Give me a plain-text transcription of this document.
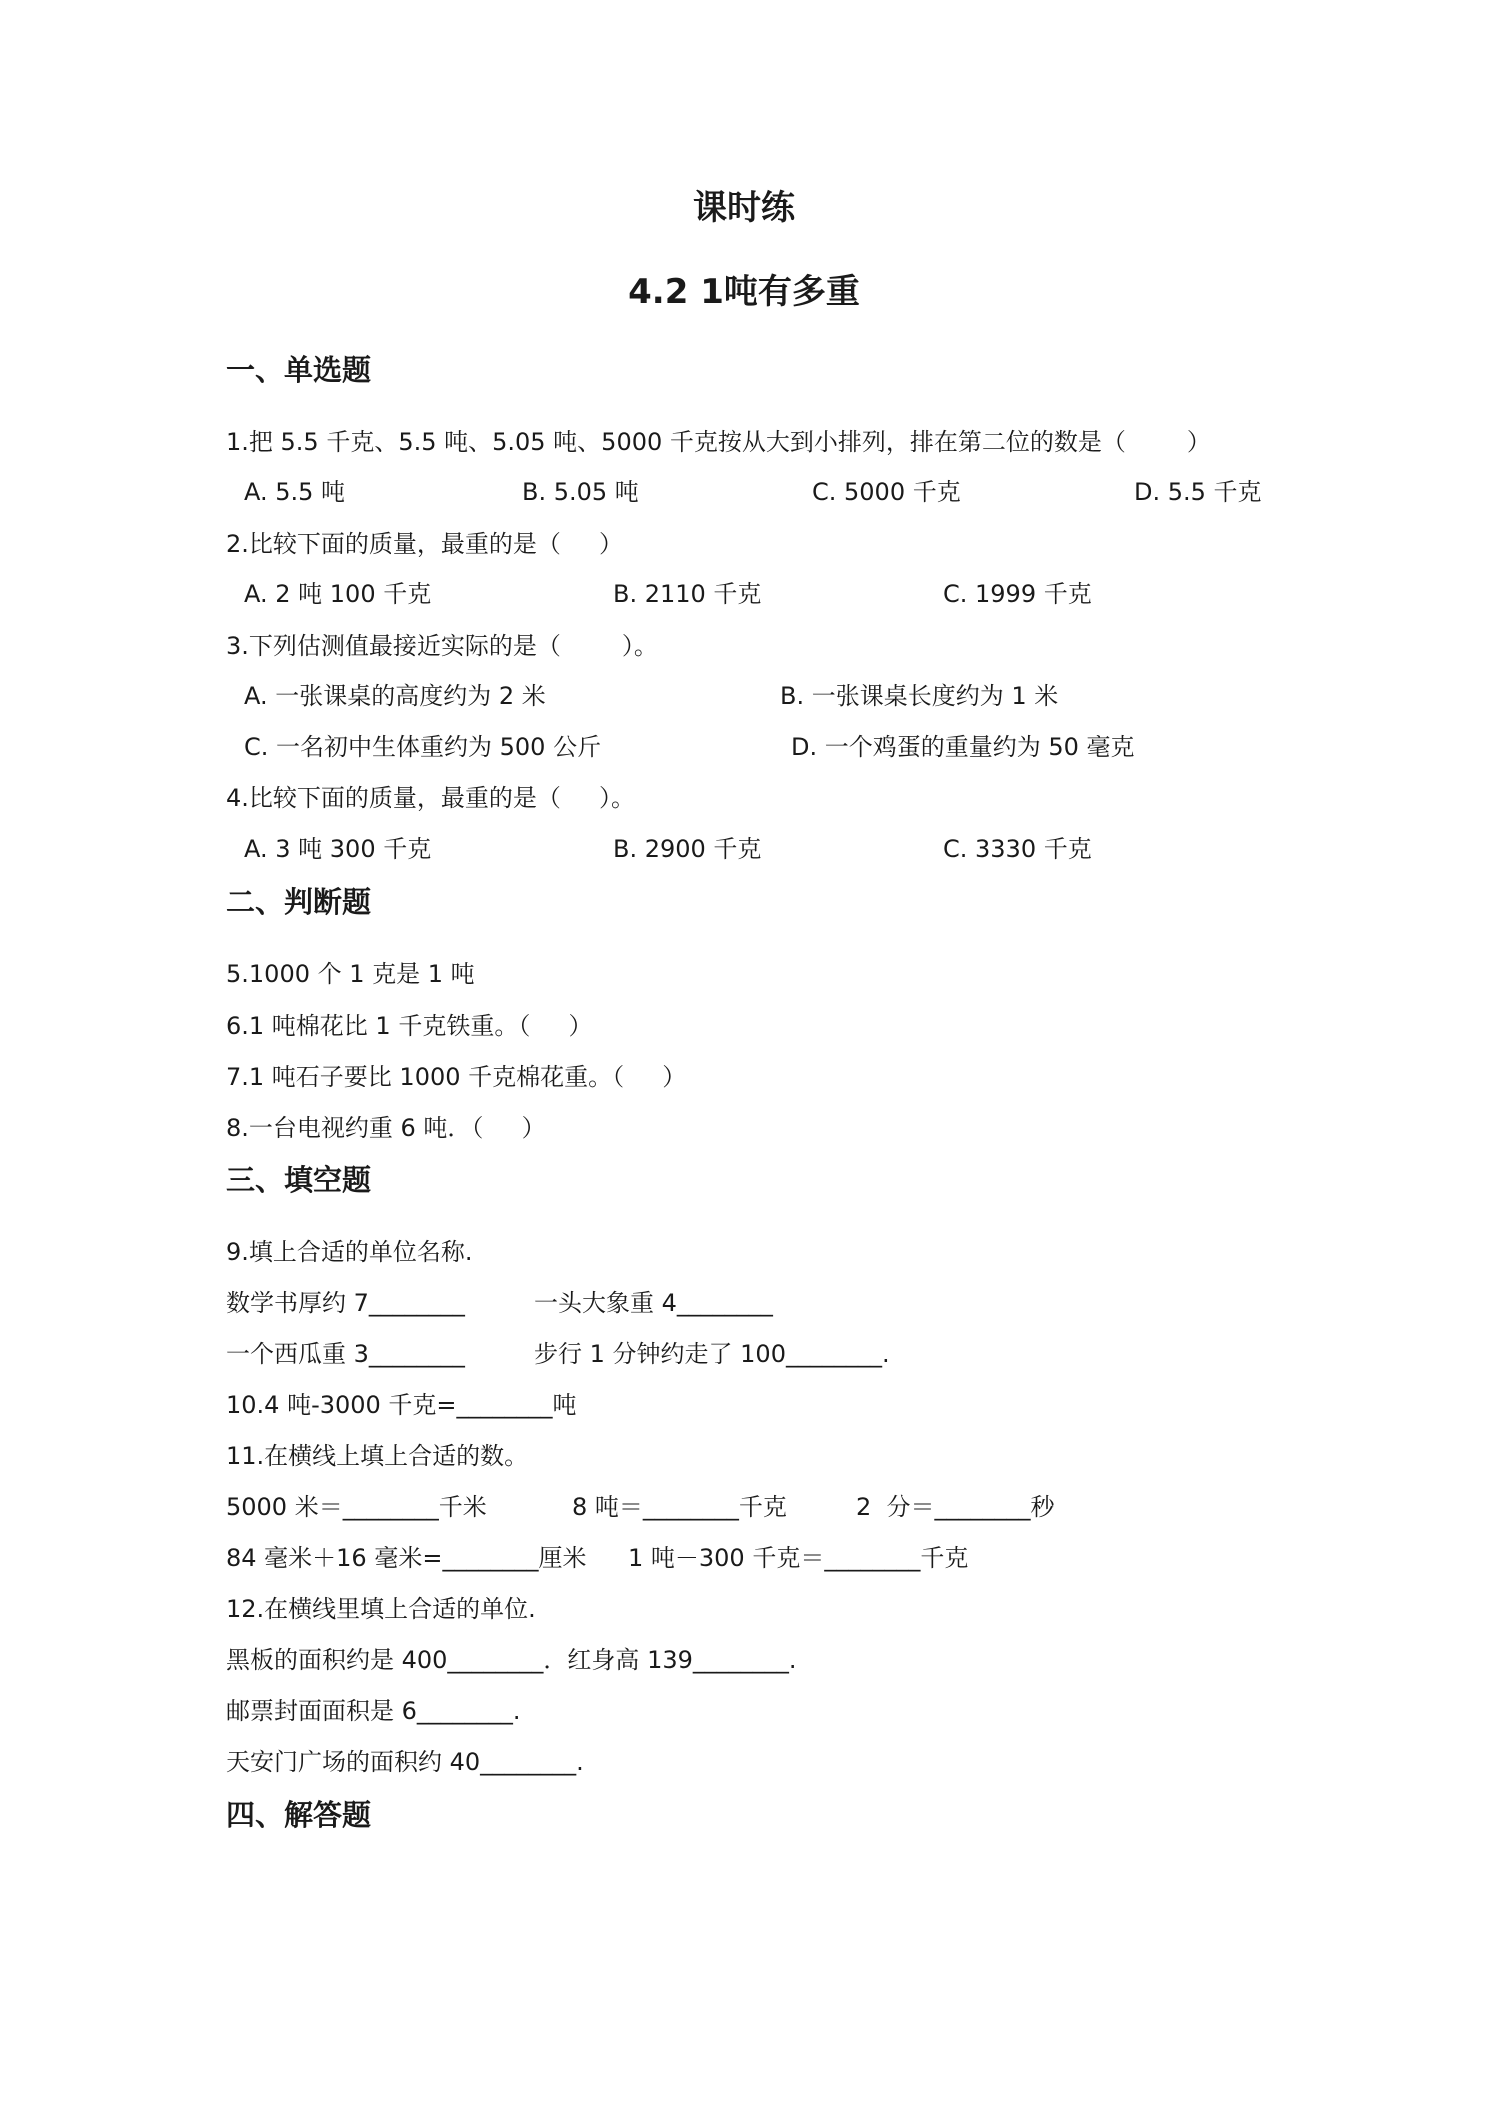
课时练
4.2 1吨有多重
一、单选题
1.把 5.5 千克、5.5 吨、5.05 吨、5000 千克按从大到小排列，排在第二位的数是（        ）
A. 5.5 吨	B. 5.05 吨	C. 5000 千克	D. 5.5 千克
2.比较下面的质量，最重的是（     ）
A. 2 吨 100 千克	B. 2110 千克	C. 1999 千克
3.下列估测值最接近实际的是（        ）。
A. 一张课桌的高度约为 2 米	B. 一张课桌长度约为 1 米
C. 一名初中生体重约为 500 公斤	D. 一个鸡蛋的重量约为 50 毫克
4.比较下面的质量，最重的是（     ）。
A. 3 吨 300 千克	B. 2900 千克	C. 3330 千克
二、判断题
5.1000 个 1 克是 1 吨
6.1 吨棉花比 1 千克铁重。（     ）
7.1 吨石子要比 1000 千克棉花重。（     ）
8.一台电视约重 6 吨．（     ）
三、填空题
9.填上合适的单位名称.
数学书厚约 7________	一头大象重 4________
一个西瓜重 3________	步行 1 分钟约走了 100________.
10.4 吨-3000 千克=________吨
11.在横线上填上合适的数。
5000 米＝________千米	8 吨＝________千克	2  分＝________秒
84 毫米＋16 毫米=________厘米 1 吨－300 千克＝________千克
12.在横线里填上合适的单位.
黑板的面积约是 400________．红身高 139________.
邮票封面面积是 6________.
天安门广场的面积约 40________.
四、解答题
